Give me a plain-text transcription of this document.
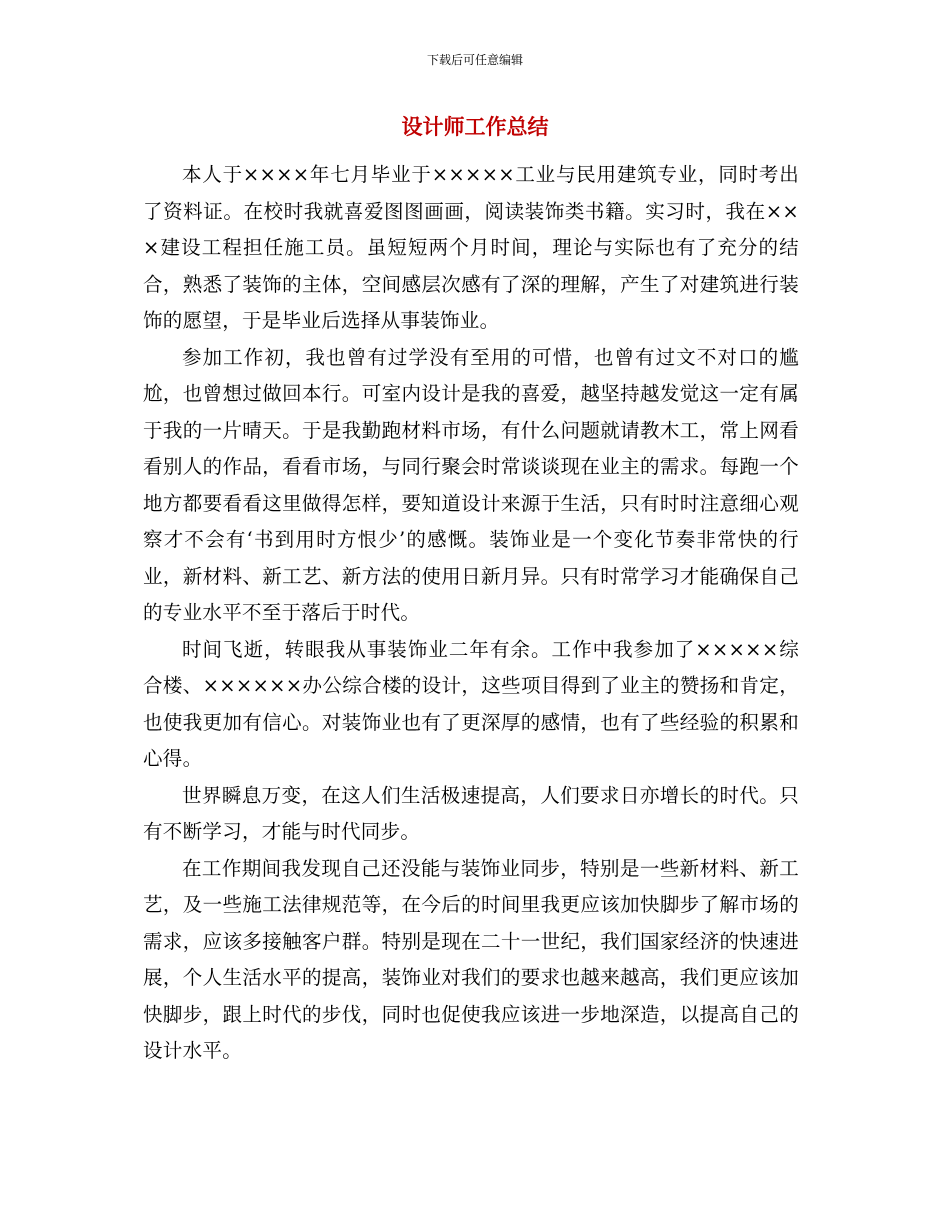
下载后可任意编辑
设计师工作总结

本人于××××年七月毕业于×××××工业与民用建筑专业，同时考出了资料证。在校时我就喜爱图图画画，阅读装饰类书籍。实习时，我在×××建设工程担任施工员。虽短短两个月时间，理论与实际也有了充分的结合，熟悉了装饰的主体，空间感层次感有了深的理解，产生了对建筑进行装饰的愿望，于是毕业后选择从事装饰业。

参加工作初，我也曾有过学没有至用的可惜，也曾有过文不对口的尴尬，也曾想过做回本行。可室内设计是我的喜爱，越坚持越发觉这一定有属于我的一片晴天。于是我勤跑材料市场，有什么问题就请教木工，常上网看看别人的作品，看看市场，与同行聚会时常谈谈现在业主的需求。每跑一个地方都要看看这里做得怎样，要知道设计来源于生活，只有时时注意细心观察才不会有‘书到用时方恨少’的感慨。装饰业是一个变化节奏非常快的行业，新材料、新工艺、新方法的使用日新月异。只有时常学习才能确保自己的专业水平不至于落后于时代。

时间飞逝，转眼我从事装饰业二年有余。工作中我参加了×××××综合楼、××××××办公综合楼的设计，这些项目得到了业主的赞扬和肯定，也使我更加有信心。对装饰业也有了更深厚的感情，也有了些经验的积累和心得。

世界瞬息万变，在这人们生活极速提高，人们要求日亦增长的时代。只有不断学习，才能与时代同步。

在工作期间我发现自己还没能与装饰业同步，特别是一些新材料、新工艺，及一些施工法律规范等，在今后的时间里我更应该加快脚步了解市场的需求，应该多接触客户群。特别是现在二十一世纪，我们国家经济的快速进展，个人生活水平的提高，装饰业对我们的要求也越来越高，我们更应该加快脚步，跟上时代的步伐，同时也促使我应该进一步地深造，以提高自己的设计水平。
